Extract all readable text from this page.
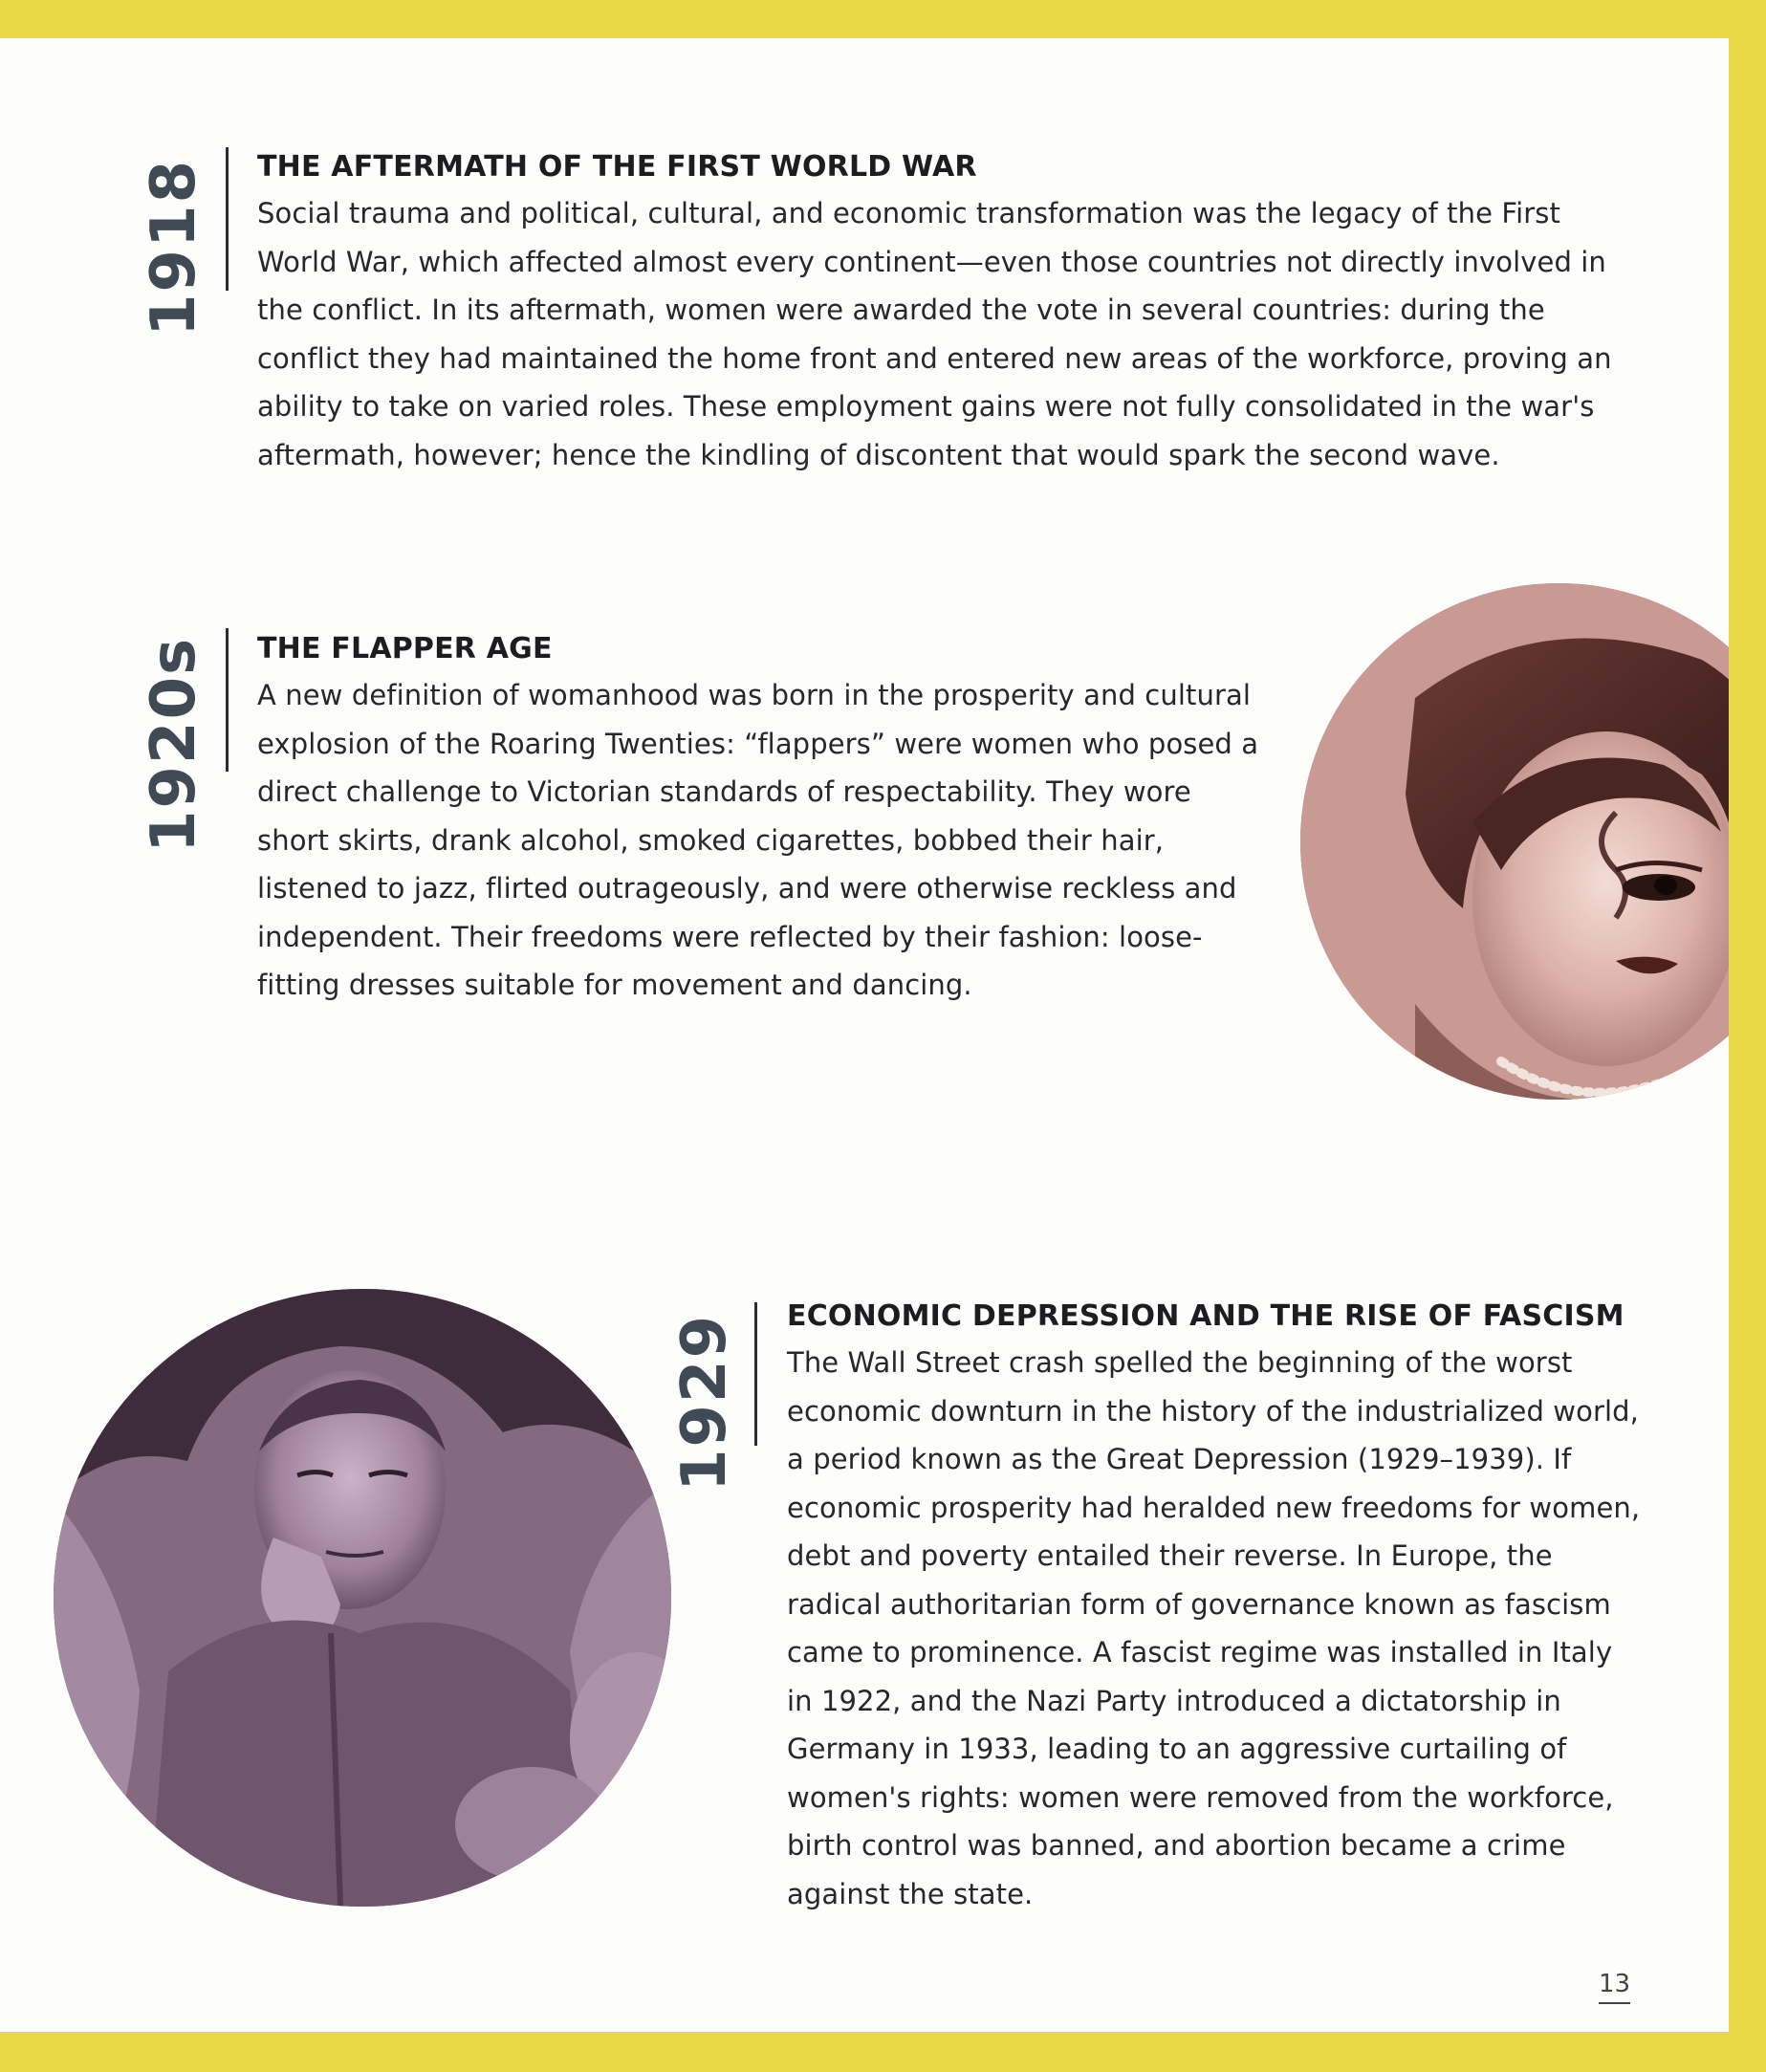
1918 THE AFTERMATH OF THE FIRST WORLD WAR
Social trauma and political, cultural, and economic transformation was the legacy of the First World War, which affected almost every continent—even those countries not directly involved in the conflict. In its aftermath, women were awarded the vote in several countries: during the conflict they had maintained the home front and entered new areas of the workforce, proving an ability to take on varied roles. These employment gains were not fully consolidated in the war's aftermath, however; hence the kindling of discontent that would spark the second wave.
1920s THE FLAPPER AGE
A new definition of womanhood was born in the prosperity and cultural explosion of the Roaring Twenties: “flappers” were women who posed a direct challenge to Victorian standards of respectability. They wore short skirts, drank alcohol, smoked cigarettes, bobbed their hair, listened to jazz, flirted outrageously, and were otherwise reckless and independent. Their freedoms were reflected by their fashion: loose-fitting dresses suitable for movement and dancing.
1929 ECONOMIC DEPRESSION AND THE RISE OF FASCISM
The Wall Street crash spelled the beginning of the worst economic downturn in the history of the industrialized world, a period known as the Great Depression (1929–1939). If economic prosperity had heralded new freedoms for women, debt and poverty entailed their reverse. In Europe, the radical authoritarian form of governance known as fascism came to prominence. A fascist regime was installed in Italy in 1922, and the Nazi Party introduced a dictatorship in Germany in 1933, leading to an aggressive curtailing of women's rights: women were removed from the workforce, birth control was banned, and abortion became a crime against the state.
13
